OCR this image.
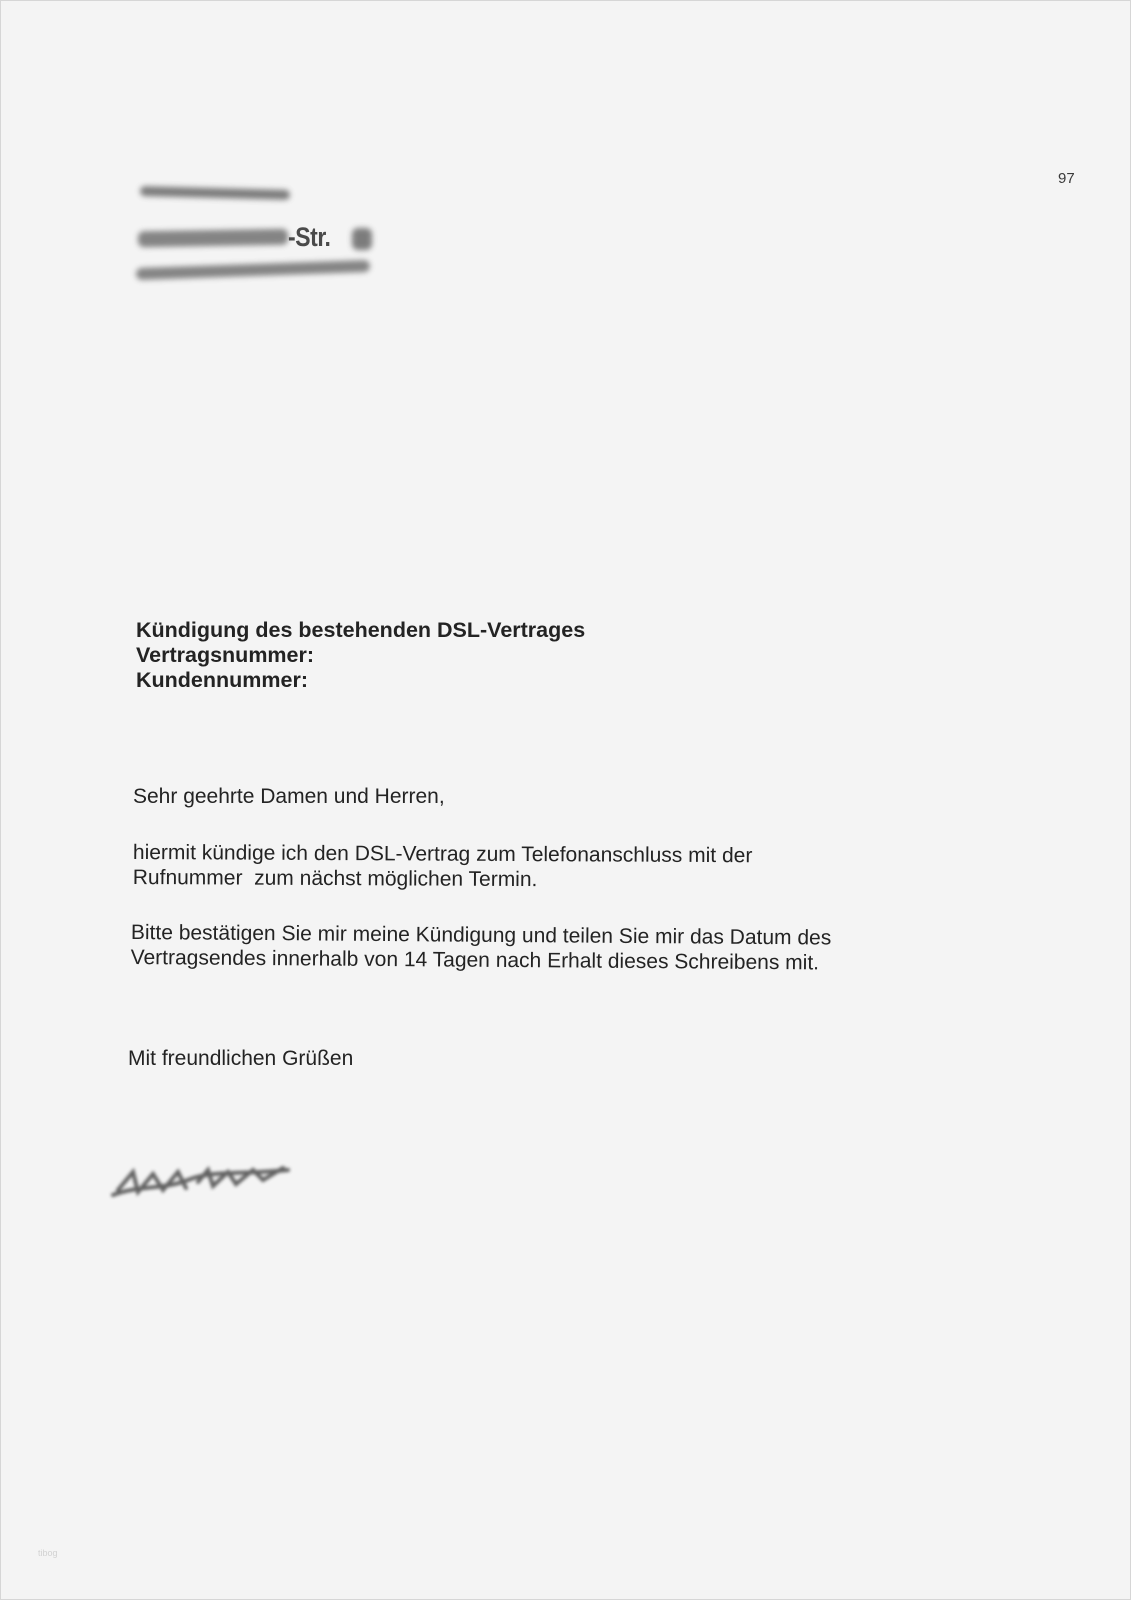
97
-Str.
Kündigung des bestehenden DSL-Vertrages
Vertragsnummer:
Kundennummer:
Sehr geehrte Damen und Herren,
hiermit kündige ich den DSL-Vertrag zum Telefonanschluss mit der
Rufnummer  zum nächst möglichen Termin.
Bitte bestätigen Sie mir meine Kündigung und teilen Sie mir das Datum des
Vertragsendes innerhalb von 14 Tagen nach Erhalt dieses Schreibens mit.
Mit freundlichen Grüßen
tibog
